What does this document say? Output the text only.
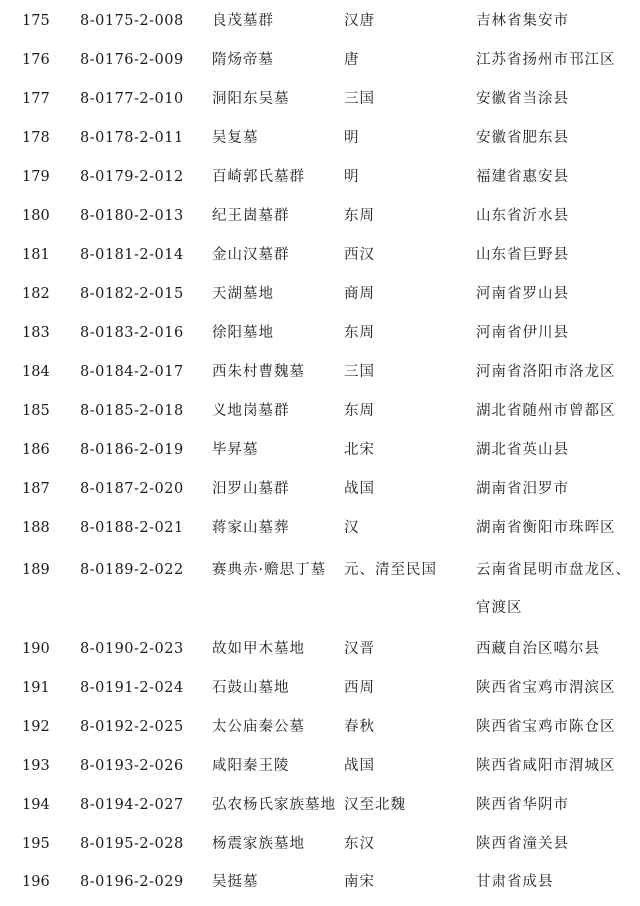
175 8-0175-2-008 良茂墓群	汉唐	吉林省集安市
176 8-0176-2-009 隋炀帝墓	唐	江苏省扬州市邗江区
177 8-0177-2-010 洞阳东吴墓	三国	安徽省当涂县
178 8-0178-2-011 吴复墓	明	安徽省肥东县
179 8-0179-2-012 百崎郭氏墓群	明	福建省惠安县
180 8-0180-2-013 纪王崮墓群	东周	山东省沂水县
181 8-0181-2-014 金山汉墓群	西汉	山东省巨野县
182 8-0182-2-015 天湖墓地	商周	河南省罗山县
183 8-0183-2-016 徐阳墓地	东周	河南省伊川县
184 8-0184-2-017 西朱村曹魏墓	三国	河南省洛阳市洛龙区
185 8-0185-2-018 义地岗墓群	东周	湖北省随州市曾都区
186 8-0186-2-019 毕昇墓	北宋	湖北省英山县
187 8-0187-2-020 汨罗山墓群	战国	湖南省汨罗市
188 8-0188-2-021 蒋家山墓葬	汉	湖南省衡阳市珠晖区
189 8-0189-2-022 赛典赤·赡思丁墓 元、清至民国	云南省昆明市盘龙区、官渡区
190 8-0190-2-023 故如甲木墓地	汉晋	西藏自治区噶尔县
191 8-0191-2-024 石鼓山墓地	西周	陕西省宝鸡市渭滨区
192 8-0192-2-025 太公庙秦公墓	春秋	陕西省宝鸡市陈仓区
193 8-0193-2-026 咸阳秦王陵	战国	陕西省咸阳市渭城区
194 8-0194-2-027 弘农杨氏家族墓地 汉至北魏	陕西省华阴市
195 8-0195-2-028 杨震家族墓地	东汉	陕西省潼关县
196 8-0196-2-029 吴挺墓	南宋	甘肃省成县
